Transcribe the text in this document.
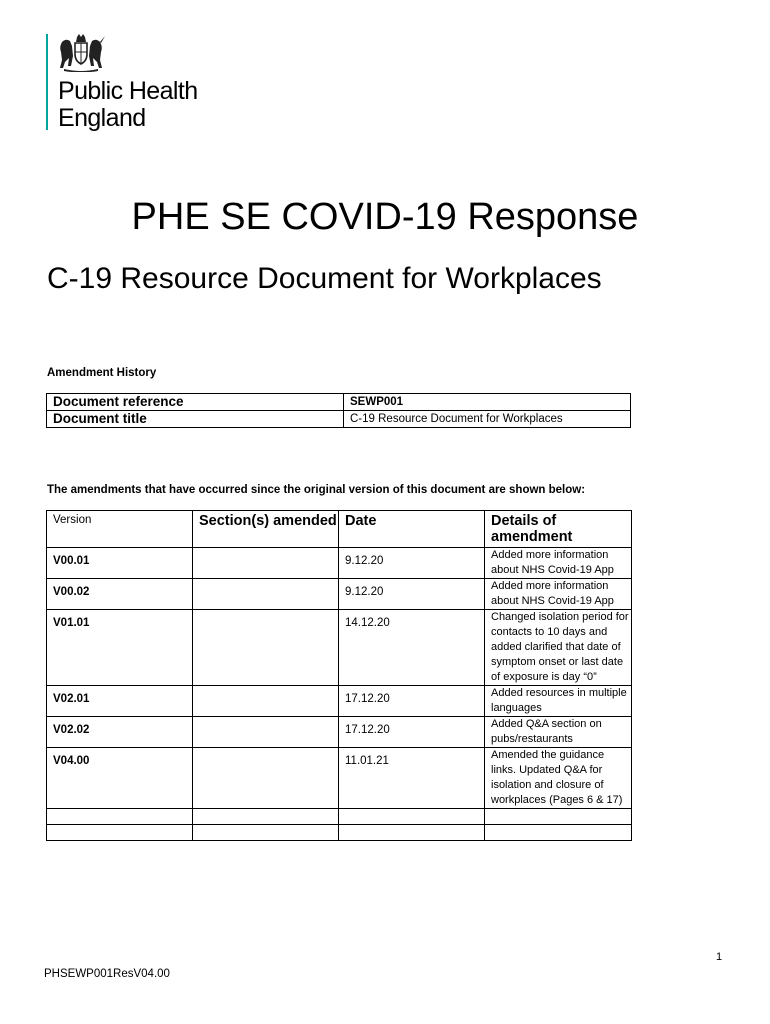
Public Health
England
PHE SE COVID-19 Response
C-19 Resource Document for Workplaces
Amendment History
Document reference	SEWP001
Document title	C-19 Resource Document for Workplaces
The amendments that have occurred since the original version of this document are shown below:
Version	Section(s) amended	Date	Details of amendment
V00.01		9.12.20	Added more information about NHS Covid-19 App
V00.02		9.12.20	Added more information about NHS Covid-19 App
V01.01		14.12.20	Changed isolation period for contacts to 10 days and added clarified that date of symptom onset or last date of exposure is day “0”
V02.01		17.12.20	Added resources in multiple languages
V02.02		17.12.20	Added Q&A section on pubs/restaurants
V04.00		11.01.21	Amended the guidance links. Updated Q&A for isolation and closure of workplaces (Pages 6 & 17)

1
PHSEWP001ResV04.00
